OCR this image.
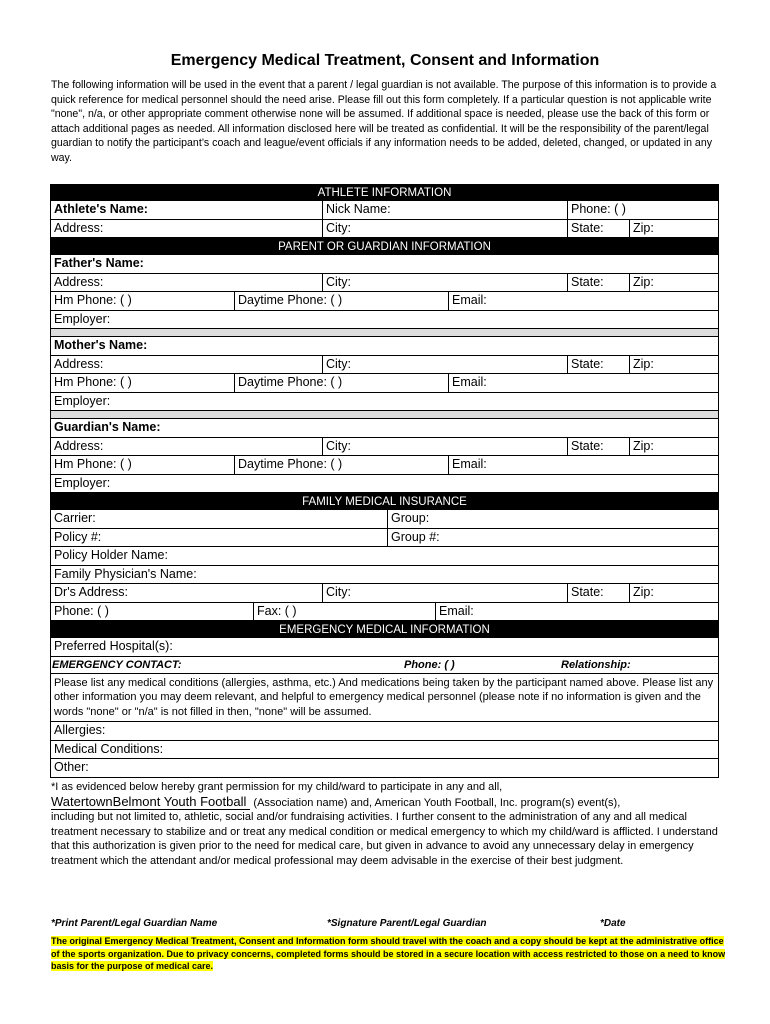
Emergency Medical Treatment, Consent and Information
The following information will be used in the event that a parent / legal guardian is not available. The purpose of this information is to provide a quick reference for medical personnel should the need arise. Please fill out this form completely. If a particular question is not applicable write "none", n/a, or other appropriate comment otherwise none will be assumed. If additional space is needed, please use the back of this form or attach additional pages as needed. All information disclosed here will be treated as confidential. It will be the responsibility of the parent/legal guardian to notify the participant’s coach and league/event officials if any information needs to be added, deleted, changed, or updated in any way.
ATHLETE INFORMATION
Athlete's Name:	Nick Name:	Phone: ( )
Address:	City:	State:	Zip:
PARENT OR GUARDIAN INFORMATION
Father's Name:
Address:	City:	State:	Zip:
Hm Phone: ( )	Daytime Phone: ( )	Email:
Employer:
Mother's Name:
Address:	City:	State:	Zip:
Hm Phone: ( )	Daytime Phone: ( )	Email:
Employer:
Guardian's Name:
Address:	City:	State:	Zip:
Hm Phone: ( )	Daytime Phone: ( )	Email:
Employer:
FAMILY MEDICAL INSURANCE
Carrier:	Group:
Policy #:	Group #:
Policy Holder Name:
Family Physician's Name:
Dr's Address:	City:	State:	Zip:
Phone: ( )	Fax: ( )	Email:
EMERGENCY MEDICAL INFORMATION
Preferred Hospital(s):
EMERGENCY CONTACT:	Phone: ( )	Relationship:
Please list any medical conditions (allergies, asthma, etc.) And medications being taken by the participant named above. Please list any other information you may deem relevant, and helpful to emergency medical personnel (please note if no information is given and the words "none" or "n/a" is not filled in then, "none" will be assumed.
Allergies:
Medical Conditions:
Other:
*I as evidenced below hereby grant permission for my child/ward to participate in any and all,
WatertownBelmont Youth Football (Association name) and, American Youth Football, Inc. program(s) event(s),
including but not limited to, athletic, social and/or fundraising activities. I further consent to the administration of any and all medical treatment necessary to stabilize and or treat any medical condition or medical emergency to which my child/ward is afflicted. I understand that this authorization is given prior to the need for medical care, but given in advance to avoid any unnecessary delay in emergency treatment which the attendant and/or medical professional may deem advisable in the exercise of their best judgment.
*Print Parent/Legal Guardian Name	*Signature Parent/Legal Guardian	*Date
The original Emergency Medical Treatment, Consent and Information form should travel with the coach and a copy should be kept at the administrative office of the sports organization. Due to privacy concerns, completed forms should be stored in a secure location with access restricted to those on a need to know basis for the purpose of medical care.
